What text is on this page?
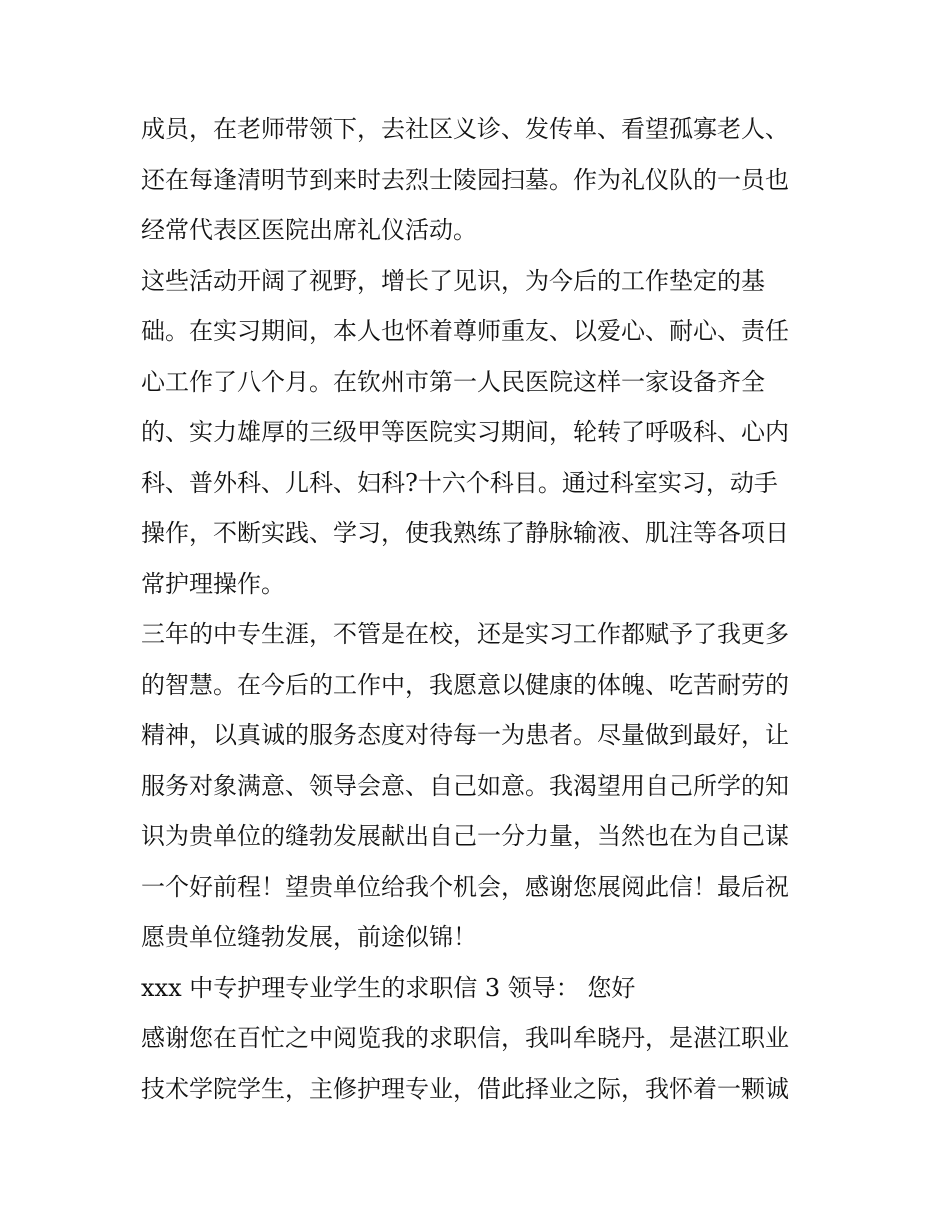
成员，在老师带领下，去社区义诊、发传单、看望孤寡老人、
还在每逢清明节到来时去烈士陵园扫墓。作为礼仪队的一员也
经常代表区医院出席礼仪活动。
这些活动开阔了视野，增长了见识，为今后的工作垫定的基
础。在实习期间，本人也怀着尊师重友、以爱心、耐心、责任
心工作了八个月。在钦州市第一人民医院这样一家设备齐全
的、实力雄厚的三级甲等医院实习期间，轮转了呼吸科、心内
科、普外科、儿科、妇科?十六个科目。通过科室实习，动手
操作，不断实践、学习，使我熟练了静脉输液、肌注等各项日
常护理操作。
三年的中专生涯，不管是在校，还是实习工作都赋予了我更多
的智慧。在今后的工作中，我愿意以健康的体魄、吃苦耐劳的
精神，以真诚的服务态度对待每一为患者。尽量做到最好，让
服务对象满意、领导会意、自己如意。我渴望用自己所学的知
识为贵单位的缝勃发展献出自己一分力量，当然也在为自己谋
一个好前程！望贵单位给我个机会，感谢您展阅此信！最后祝
愿贵单位缝勃发展，前途似锦！
xxx 中专护理专业学生的求职信 3 领导： 您好
感谢您在百忙之中阅览我的求职信，我叫牟晓丹，是湛江职业
技术学院学生，主修护理专业，借此择业之际，我怀着一颗诚
